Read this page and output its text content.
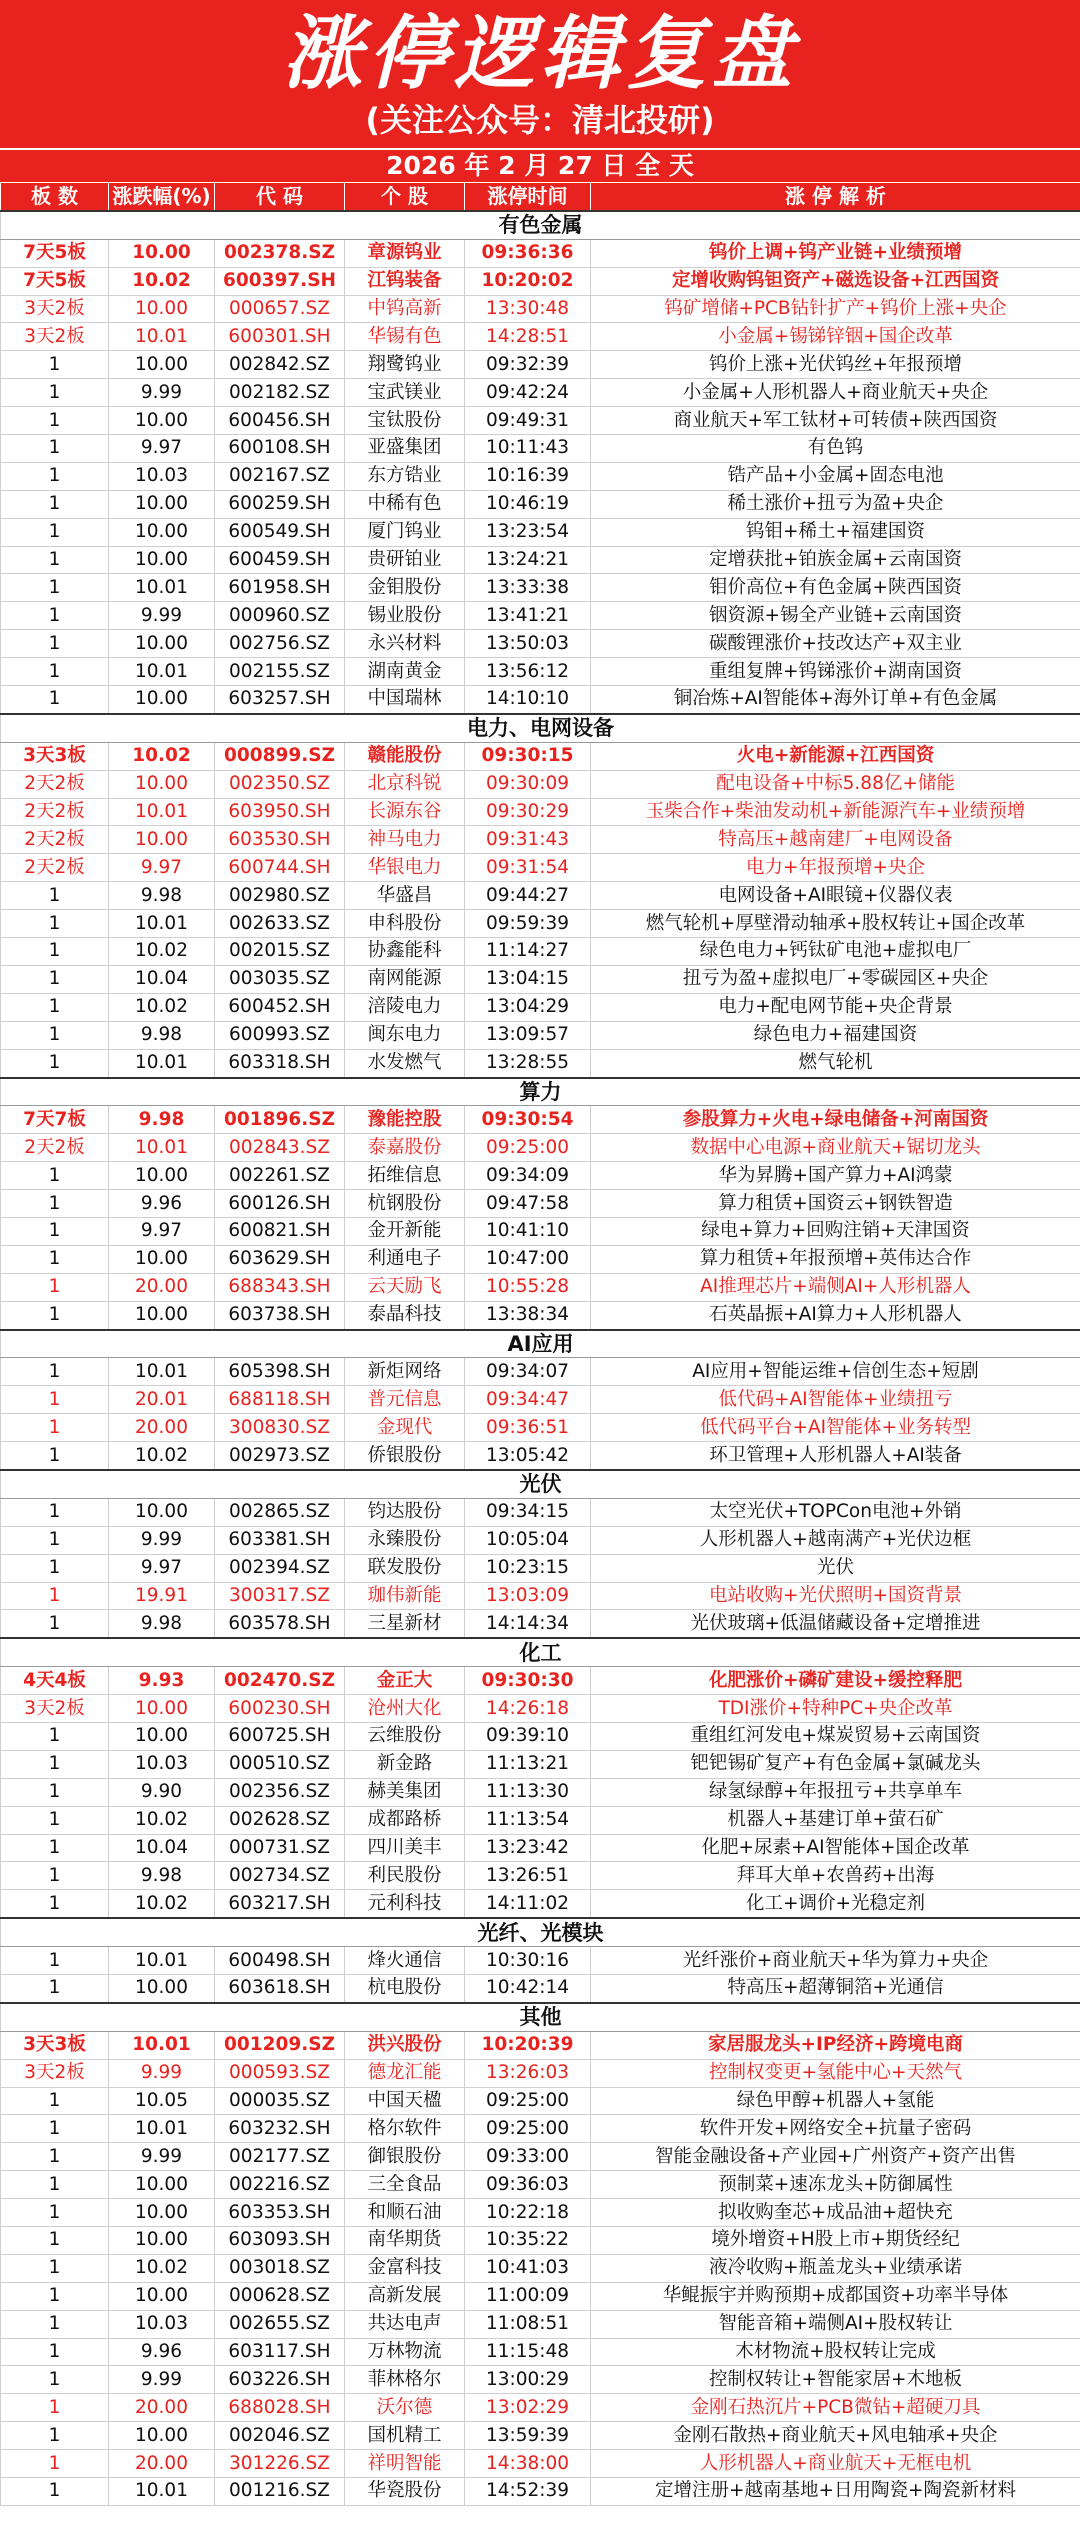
涨停逻辑复盘
(关注公众号：清北投研)
2026 年 2 月 27 日 全 天
板 数	涨跌幅(%)	代 码	个 股	涨停时间	涨 停 解 析
有色金属					
7天5板	10.00	002378.SZ	章源钨业	09:36:36	钨价上调+钨产业链+业绩预增
7天5板	10.02	600397.SH	江钨装备	10:20:02	定增收购钨钽资产+磁选设备+江西国资
3天2板	10.00	000657.SZ	中钨高新	13:30:48	钨矿增储+PCB钻针扩产+钨价上涨+央企
3天2板	10.01	600301.SH	华锡有色	14:28:51	小金属+锡锑锌铟+国企改革
1	10.00	002842.SZ	翔鹭钨业	09:32:39	钨价上涨+光伏钨丝+年报预增
1	9.99	002182.SZ	宝武镁业	09:42:24	小金属+人形机器人+商业航天+央企
1	10.00	600456.SH	宝钛股份	09:49:31	商业航天+军工钛材+可转债+陕西国资
1	9.97	600108.SH	亚盛集团	10:11:43	有色钨
1	10.03	002167.SZ	东方锆业	10:16:39	锆产品+小金属+固态电池
1	10.00	600259.SH	中稀有色	10:46:19	稀土涨价+扭亏为盈+央企
1	10.00	600549.SH	厦门钨业	13:23:54	钨钼+稀土+福建国资
1	10.00	600459.SH	贵研铂业	13:24:21	定增获批+铂族金属+云南国资
1	10.01	601958.SH	金钼股份	13:33:38	钼价高位+有色金属+陕西国资
1	9.99	000960.SZ	锡业股份	13:41:21	铟资源+锡全产业链+云南国资
1	10.00	002756.SZ	永兴材料	13:50:03	碳酸锂涨价+技改达产+双主业
1	10.01	002155.SZ	湖南黄金	13:56:12	重组复牌+钨锑涨价+湖南国资
1	10.00	603257.SH	中国瑞林	14:10:10	铜冶炼+AI智能体+海外订单+有色金属
电力、电网设备					
3天3板	10.02	000899.SZ	赣能股份	09:30:15	火电+新能源+江西国资
2天2板	10.00	002350.SZ	北京科锐	09:30:09	配电设备+中标5.88亿+储能
2天2板	10.01	603950.SH	长源东谷	09:30:29	玉柴合作+柴油发动机+新能源汽车+业绩预增
2天2板	10.00	603530.SH	神马电力	09:31:43	特高压+越南建厂+电网设备
2天2板	9.97	600744.SH	华银电力	09:31:54	电力+年报预增+央企
1	9.98	002980.SZ	华盛昌	09:44:27	电网设备+AI眼镜+仪器仪表
1	10.01	002633.SZ	申科股份	09:59:39	燃气轮机+厚壁滑动轴承+股权转让+国企改革
1	10.02	002015.SZ	协鑫能科	11:14:27	绿色电力+钙钛矿电池+虚拟电厂
1	10.04	003035.SZ	南网能源	13:04:15	扭亏为盈+虚拟电厂+零碳园区+央企
1	10.02	600452.SH	涪陵电力	13:04:29	电力+配电网节能+央企背景
1	9.98	600993.SZ	闽东电力	13:09:57	绿色电力+福建国资
1	10.01	603318.SH	水发燃气	13:28:55	燃气轮机
算力					
7天7板	9.98	001896.SZ	豫能控股	09:30:54	参股算力+火电+绿电储备+河南国资
2天2板	10.01	002843.SZ	泰嘉股份	09:25:00	数据中心电源+商业航天+锯切龙头
1	10.00	002261.SZ	拓维信息	09:34:09	华为昇腾+国产算力+AI鸿蒙
1	9.96	600126.SH	杭钢股份	09:47:58	算力租赁+国资云+钢铁智造
1	9.97	600821.SH	金开新能	10:41:10	绿电+算力+回购注销+天津国资
1	10.00	603629.SH	利通电子	10:47:00	算力租赁+年报预增+英伟达合作
1	20.00	688343.SH	云天励飞	10:55:28	AI推理芯片+端侧AI+人形机器人
1	10.00	603738.SH	泰晶科技	13:38:34	石英晶振+AI算力+人形机器人
AI应用					
1	10.01	605398.SH	新炬网络	09:34:07	AI应用+智能运维+信创生态+短剧
1	20.01	688118.SH	普元信息	09:34:47	低代码+AI智能体+业绩扭亏
1	20.00	300830.SZ	金现代	09:36:51	低代码平台+AI智能体+业务转型
1	10.02	002973.SZ	侨银股份	13:05:42	环卫管理+人形机器人+AI装备
光伏					
1	10.00	002865.SZ	钧达股份	09:34:15	太空光伏+TOPCon电池+外销
1	9.99	603381.SH	永臻股份	10:05:04	人形机器人+越南满产+光伏边框
1	9.97	002394.SZ	联发股份	10:23:15	光伏
1	19.91	300317.SZ	珈伟新能	13:03:09	电站收购+光伏照明+国资背景
1	9.98	603578.SH	三星新材	14:14:34	光伏玻璃+低温储藏设备+定增推进
化工					
4天4板	9.93	002470.SZ	金正大	09:30:30	化肥涨价+磷矿建设+缓控释肥
3天2板	10.00	600230.SH	沧州大化	14:26:18	TDI涨价+特种PC+央企改革
1	10.00	600725.SH	云维股份	09:39:10	重组红河发电+煤炭贸易+云南国资
1	10.03	000510.SZ	新金路	11:13:21	钯钯锡矿复产+有色金属+氯碱龙头
1	9.90	002356.SZ	赫美集团	11:13:30	绿氢绿醇+年报扭亏+共享单车
1	10.02	002628.SZ	成都路桥	11:13:54	机器人+基建订单+萤石矿
1	10.04	000731.SZ	四川美丰	13:23:42	化肥+尿素+AI智能体+国企改革
1	9.98	002734.SZ	利民股份	13:26:51	拜耳大单+农兽药+出海
1	10.02	603217.SH	元利科技	14:11:02	化工+调价+光稳定剂
光纤、光模块					
1	10.01	600498.SH	烽火通信	10:30:16	光纤涨价+商业航天+华为算力+央企
1	10.00	603618.SH	杭电股份	10:42:14	特高压+超薄铜箔+光通信
其他					
3天3板	10.01	001209.SZ	洪兴股份	10:20:39	家居服龙头+IP经济+跨境电商
3天2板	9.99	000593.SZ	德龙汇能	13:26:03	控制权变更+氢能中心+天然气
1	10.05	000035.SZ	中国天楹	09:25:00	绿色甲醇+机器人+氢能
1	10.01	603232.SH	格尔软件	09:25:00	软件开发+网络安全+抗量子密码
1	9.99	002177.SZ	御银股份	09:33:00	智能金融设备+产业园+广州资产+资产出售
1	10.00	002216.SZ	三全食品	09:36:03	预制菜+速冻龙头+防御属性
1	10.00	603353.SH	和顺石油	10:22:18	拟收购奎芯+成品油+超快充
1	10.00	603093.SH	南华期货	10:35:22	境外增资+H股上市+期货经纪
1	10.02	003018.SZ	金富科技	10:41:03	液冷收购+瓶盖龙头+业绩承诺
1	10.00	000628.SZ	高新发展	11:00:09	华鲲振宇并购预期+成都国资+功率半导体
1	10.03	002655.SZ	共达电声	11:08:51	智能音箱+端侧AI+股权转让
1	9.96	603117.SH	万林物流	11:15:48	木材物流+股权转让完成
1	9.99	603226.SH	菲林格尔	13:00:29	控制权转让+智能家居+木地板
1	20.00	688028.SH	沃尔德	13:02:29	金刚石热沉片+PCB微钻+超硬刀具
1	10.00	002046.SZ	国机精工	13:59:39	金刚石散热+商业航天+风电轴承+央企
1	20.00	301226.SZ	祥明智能	14:38:00	人形机器人+商业航天+无框电机
1	10.01	001216.SZ	华瓷股份	14:52:39	定增注册+越南基地+日用陶瓷+陶瓷新材料
